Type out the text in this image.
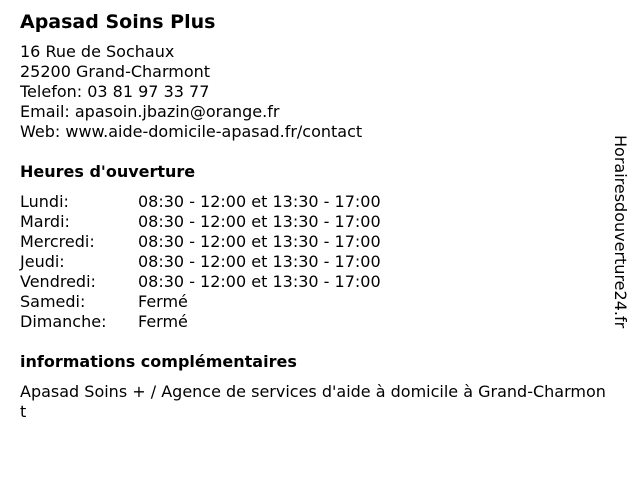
Apasad Soins Plus
16 Rue de Sochaux
25200 Grand-Charmont
Telefon: ‭03 81 97 33 77‬
Email: apasoin.jbazin@orange.fr
Web: www.aide-domicile-apasad.fr/contact
Heures d'ouverture
Lundi:	08:30 - 12:00 et 13:30 - 17:00
Mardi:	08:30 - 12:00 et 13:30 - 17:00
Mercredi:	08:30 - 12:00 et 13:30 - 17:00
Jeudi:	08:30 - 12:00 et 13:30 - 17:00
Vendredi:	08:30 - 12:00 et 13:30 - 17:00
Samedi:	Fermé
Dimanche:	Fermé
informations complémentaires
Apasad Soins + / Agence de services d'aide à domicile à Grand-Charmont
Horairesdouverture24.fr
